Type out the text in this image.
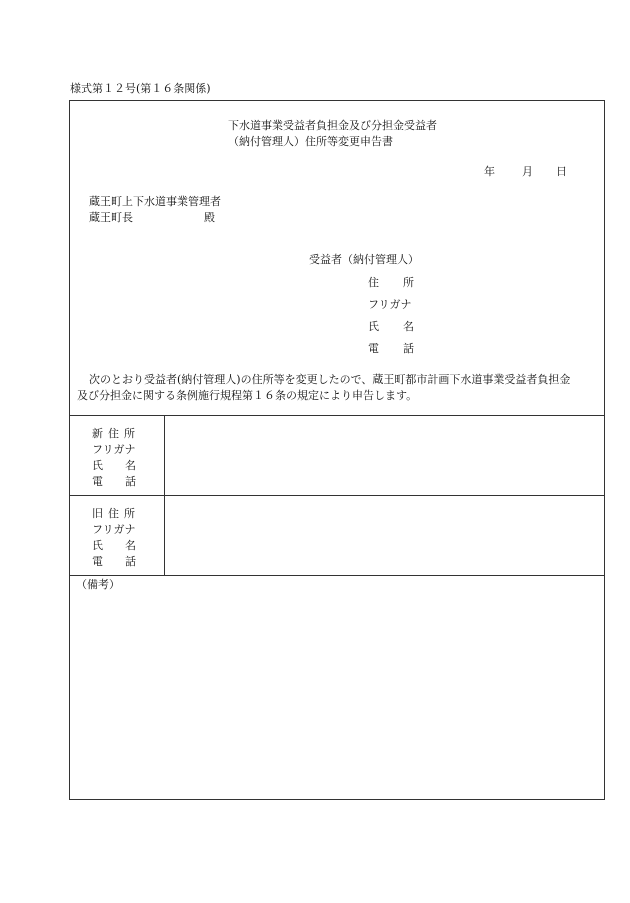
様式第１２号(第１６条関係)
下水道事業受益者負担金及び分担金受益者
（納付管理人）住所等変更申告書
年 月 日
蔵王町上下水道事業管理者
蔵王町長	殿
受益者（納付管理人）
住 所
フリガナ
氏 名
電 話
次のとおり受益者(納付管理人)の住所等を変更したので、蔵王町都市計画下水道事業受益者負担金
及び分担金に関する条例施行規程第１６条の規定により申告します。
新 住 所
フリガナ
氏 名
電 話
旧 住 所
フリガナ
氏 名
電 話
（備考）
